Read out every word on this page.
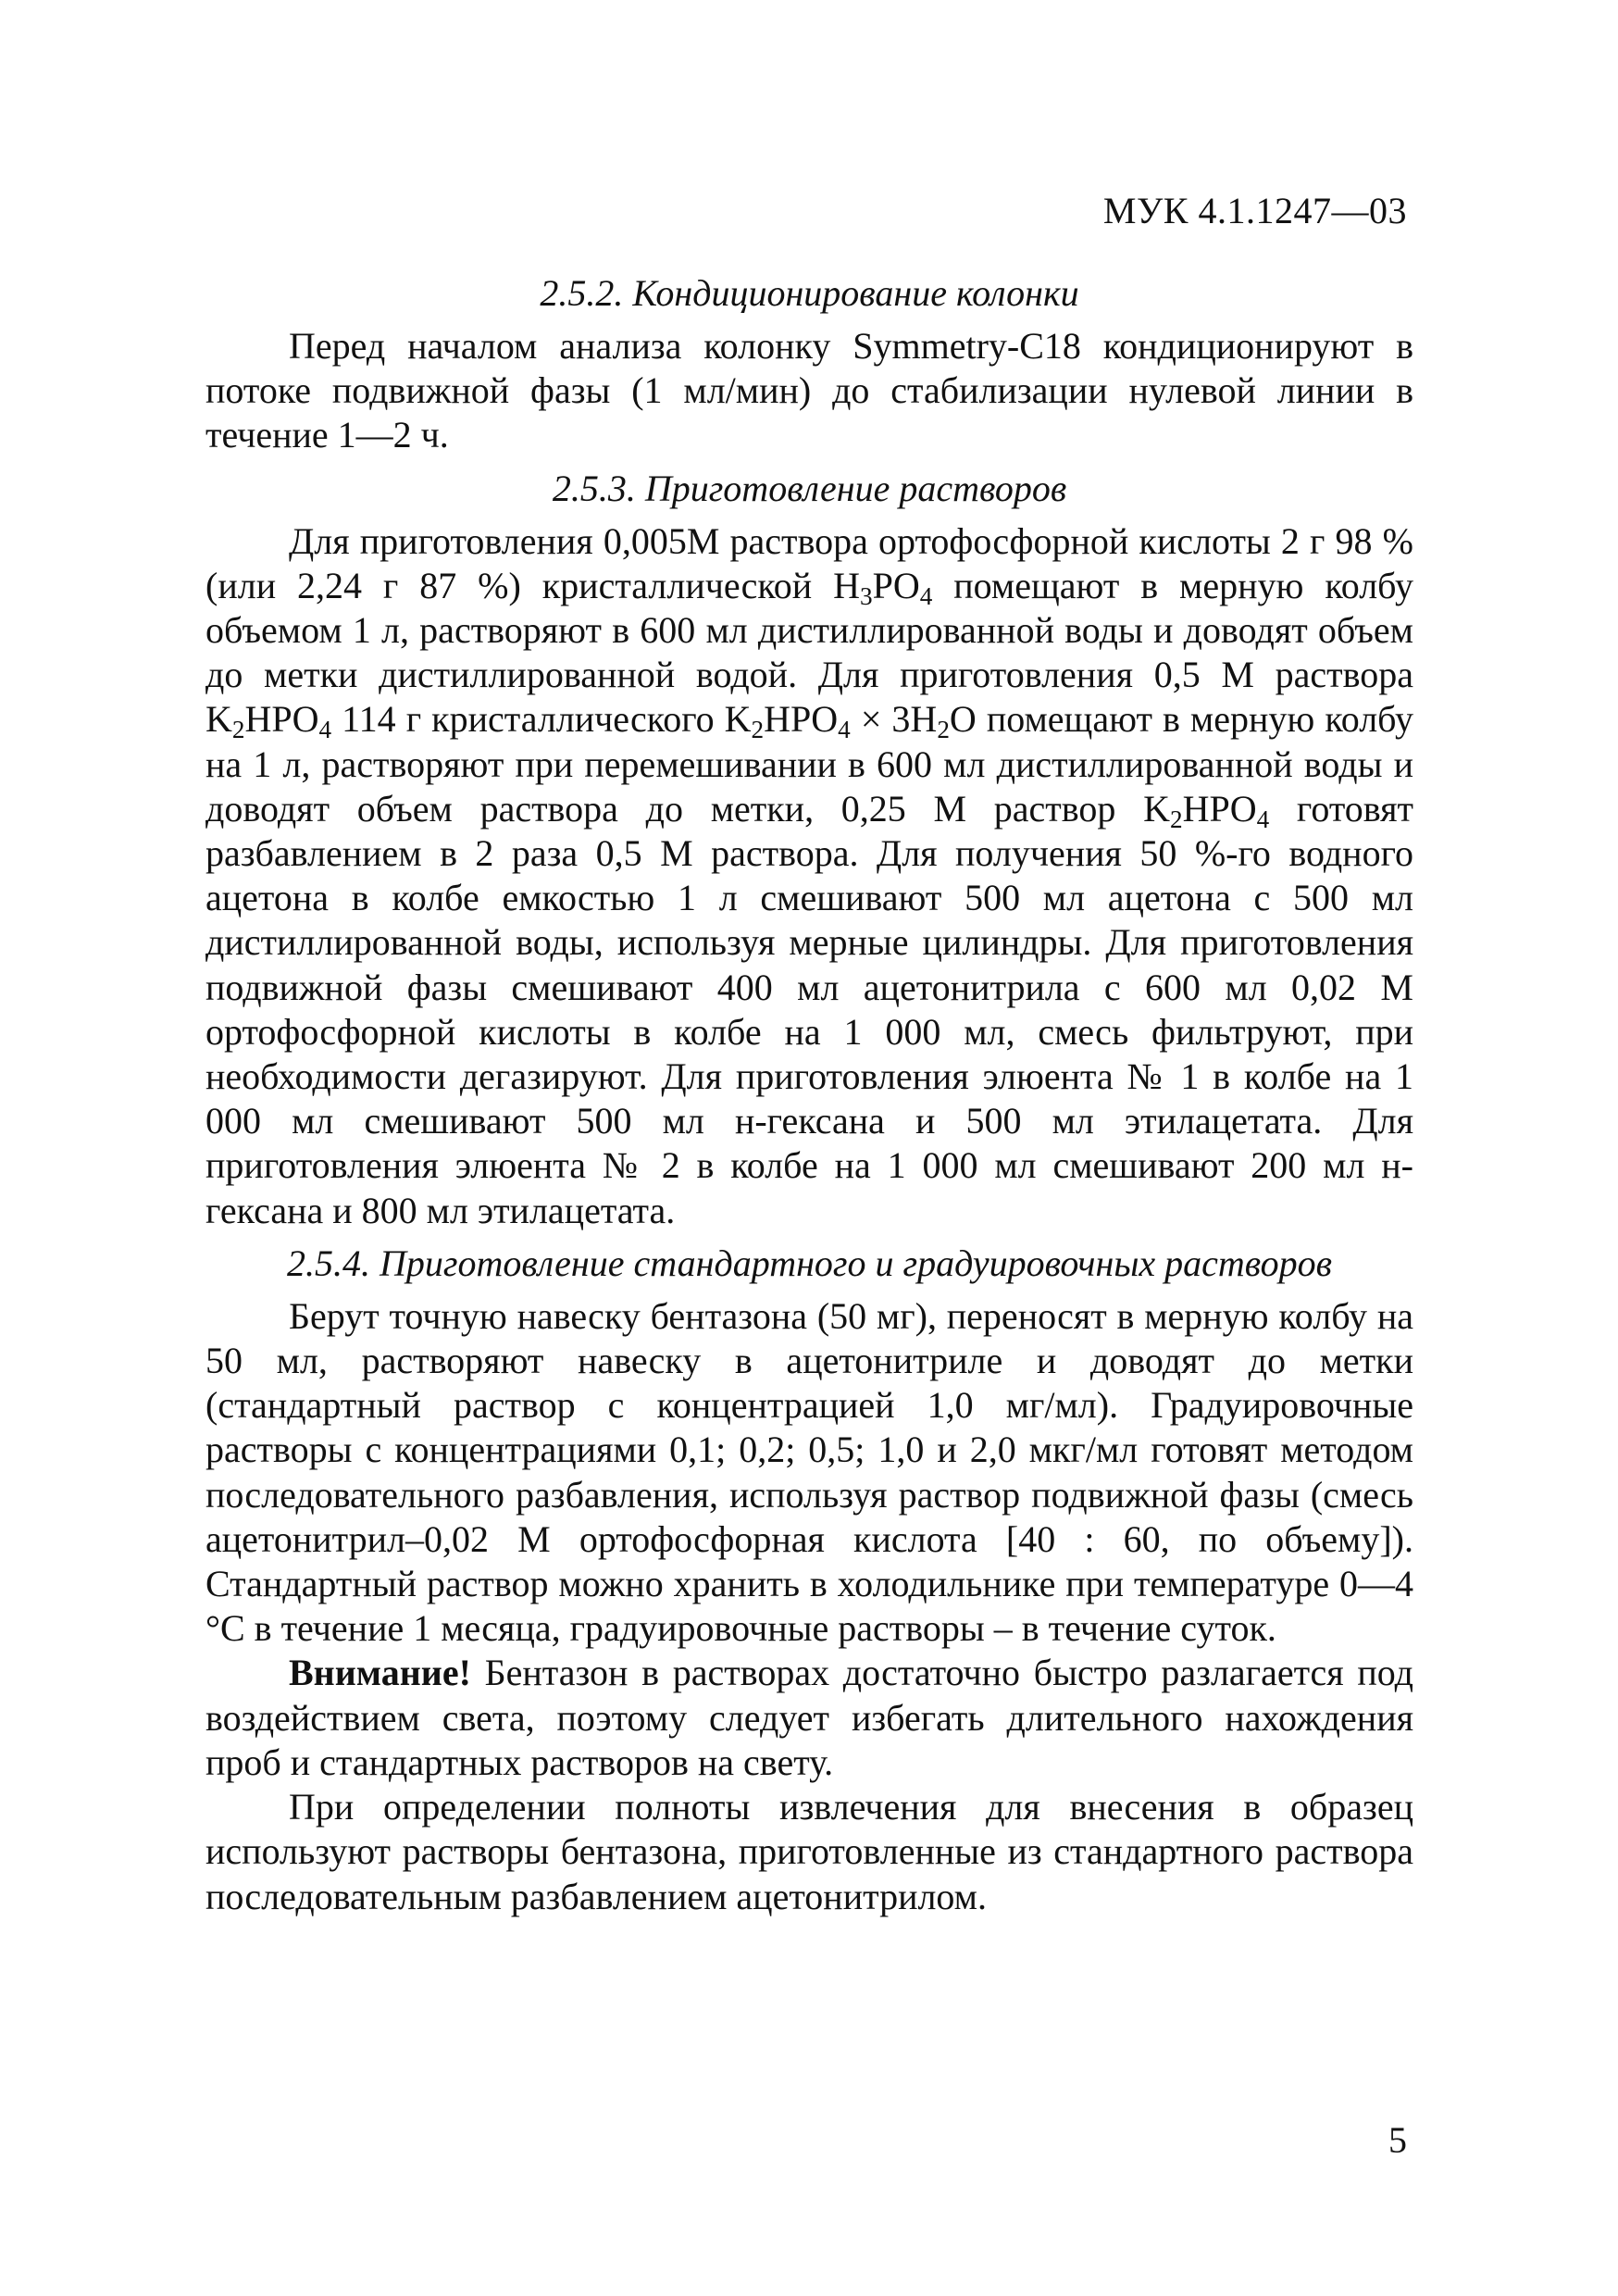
МУК 4.1.1247—03
2.5.2. Кондиционирование колонки

Перед началом анализа колонку Symmetry-С18 кондиционируют в потоке подвижной фазы (1 мл/мин) до стабилизации нулевой линии в течение 1—2 ч.

2.5.3. Приготовление растворов

Для приготовления 0,005М раствора ортофосфорной кислоты 2 г 98 % (или 2,24 г 87 %) кристаллической $H_3PO_4$ помещают в мерную колбу объемом 1 л, растворяют в 600 мл дистиллированной воды и доводят объем до метки дистиллированной водой. Для приготовления 0,5 М раствора $K_2HPO_4$ 114 г кристаллического $K_2HPO_4 \times 3H_2O$ помещают в мерную колбу на 1 л, растворяют при перемешивании в 600 мл дистиллированной воды и доводят объем раствора до метки, 0,25 М раствор $K_2HPO_4$ готовят разбавлением в 2 раза 0,5 М раствора. Для получения 50 %-го водного ацетона в колбе емкостью 1 л смешивают 500 мл ацетона с 500 мл дистиллированной воды, используя мерные цилиндры. Для приготовления подвижной фазы смешивают 400 мл ацетонитрила с 600 мл 0,02 М ортофосфорной кислоты в колбе на 1 000 мл, смесь фильтруют, при необходимости дегазируют. Для приготовления элюента № 1 в колбе на 1 000 мл смешивают 500 мл н-гексана и 500 мл этилацетата. Для приготовления элюента № 2 в колбе на 1 000 мл смешивают 200 мл н-гексана и 800 мл этилацетата.

2.5.4. Приготовление стандартного и градуировочных растворов

Берут точную навеску бентазона (50 мг), переносят в мерную колбу на 50 мл, растворяют навеску в ацетонитриле и доводят до метки (стандартный раствор с концентрацией 1,0 мг/мл). Градуировочные растворы с концентрациями 0,1; 0,2; 0,5; 1,0 и 2,0 мкг/мл готовят методом последовательного разбавления, используя раствор подвижной фазы (смесь ацетонитрил–0,02 М ортофосфорная кислота [40 : 60, по объему]). Стандартный раствор можно хранить в холодильнике при температуре 0—4 °С в течение 1 месяца, градуировочные растворы – в течение суток.

Внимание! Бентазон в растворах достаточно быстро разлагается под воздействием света, поэтому следует избегать длительного нахождения проб и стандартных растворов на свету.

При определении полноты извлечения для внесения в образец используют растворы бентазона, приготовленные из стандартного раствора последовательным разбавлением ацетонитрилом.

5
